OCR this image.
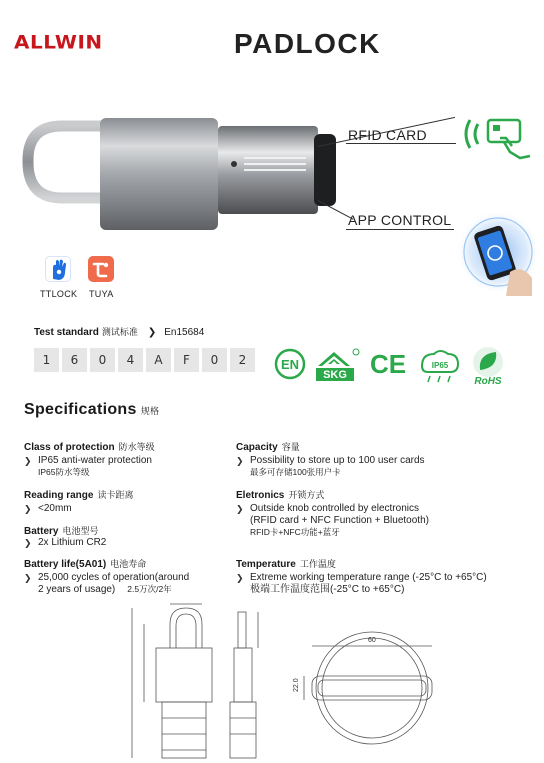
ALLWIN	PADLOCK
RFID CARD
APP CONTROL
TTLOCK TUYA
Test standard 测试标准 ❯ En15684
1	6	0	4	A	F	0	2	EN
SKG CE	IP65
RoHS
Specifications 规格
Class of protection 防水等级
❯ IP65 anti-water protection
IP65防水等级
Reading range 读卡距离
❯ <20mm
Battery 电池型号
❯ 2x Lithium CR2
Battery life(5A01) 电池寿命
❯ 25,000 cycles of operation(around
2 years of usage) 2.5万次/2年
Capacity 容量
❯ Possibility to store up to 100 user cards
最多可存储100张用户卡
Eletronics 开锁方式
❯ Outside knob controlled by electronics
(RFID card + NFC Function + Bluetooth)
RFID卡+NFC功能+蓝牙
Temperature 工作温度
❯ Extreme working temperature range (-25°C to +65°C)
极端工作温度范围(-25°C to +65°C)
60
22.0
